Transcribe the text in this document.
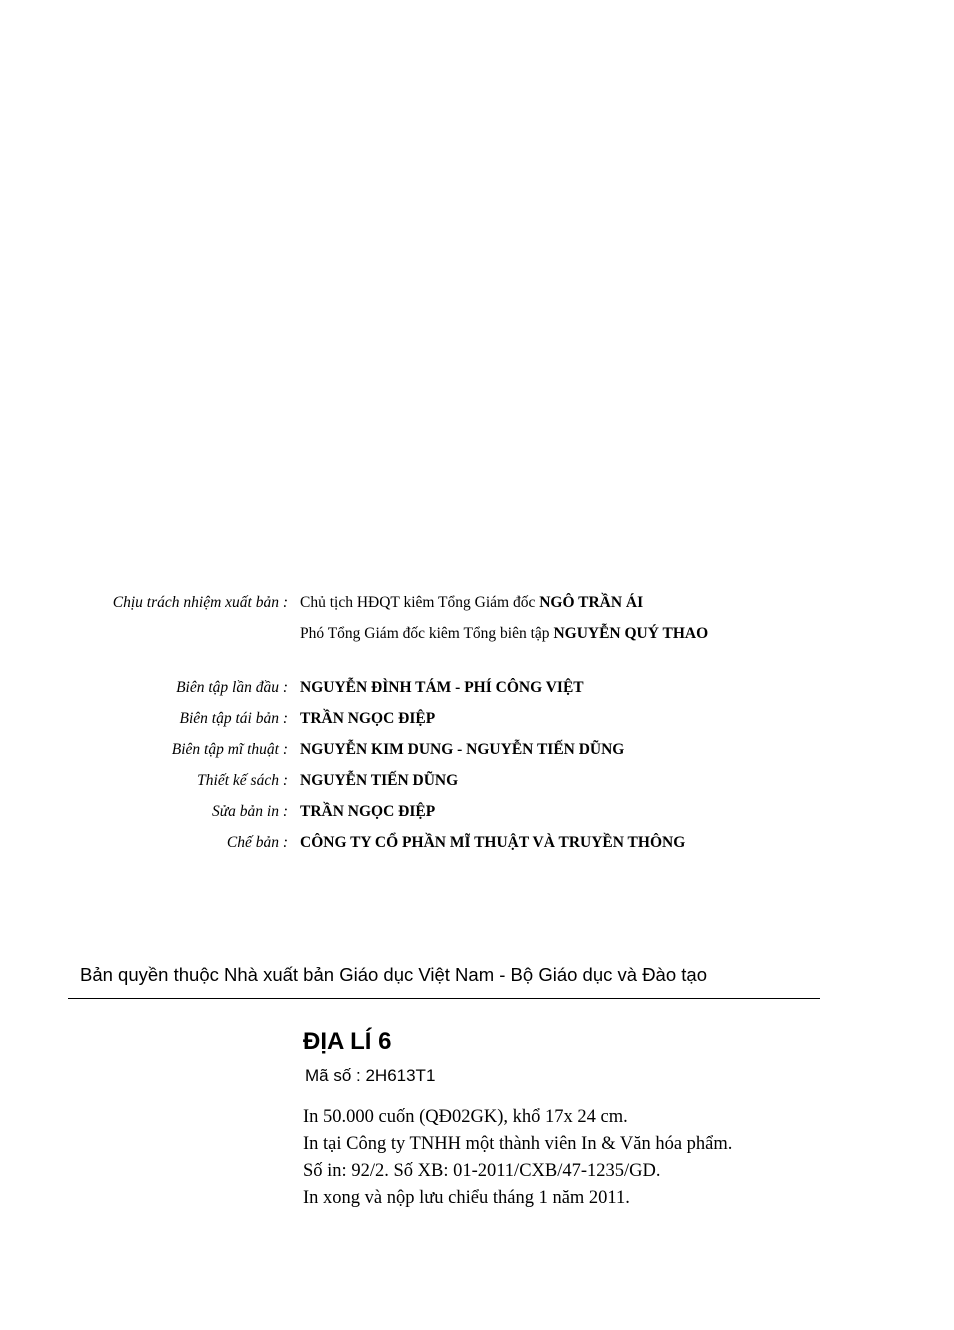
Chịu trách nhiệm xuất bản : Chủ tịch HĐQT kiêm Tổng Giám đốc NGÔ TRẦN ÁI
Phó Tổng Giám đốc kiêm Tổng biên tập NGUYỄN QUÝ THAO
Biên tập lần đầu : NGUYỄN ĐÌNH TÁM - PHÍ CÔNG VIỆT
Biên tập tái bản : TRẦN NGỌC ĐIỆP
Biên tập mĩ thuật : NGUYỄN KIM DUNG - NGUYỄN TIẾN DŨNG
Thiết kế sách : NGUYỄN TIẾN DŨNG
Sửa bản in : TRẦN NGỌC ĐIỆP
Chế bản : CÔNG TY CỔ PHẦN MĨ THUẬT VÀ TRUYỀN THÔNG
Bản quyền thuộc Nhà xuất bản Giáo dục Việt Nam - Bộ Giáo dục và Đào tạo
ĐỊA LÍ 6
Mã số : 2H613T1
In 50.000 cuốn (QĐ02GK), khổ 17x 24 cm.
In tại Công ty TNHH một thành viên In & Văn hóa phẩm.
Số in: 92/2. Số XB: 01-2011/CXB/47-1235/GD.
In xong và nộp lưu chiểu tháng 1 năm 2011.
